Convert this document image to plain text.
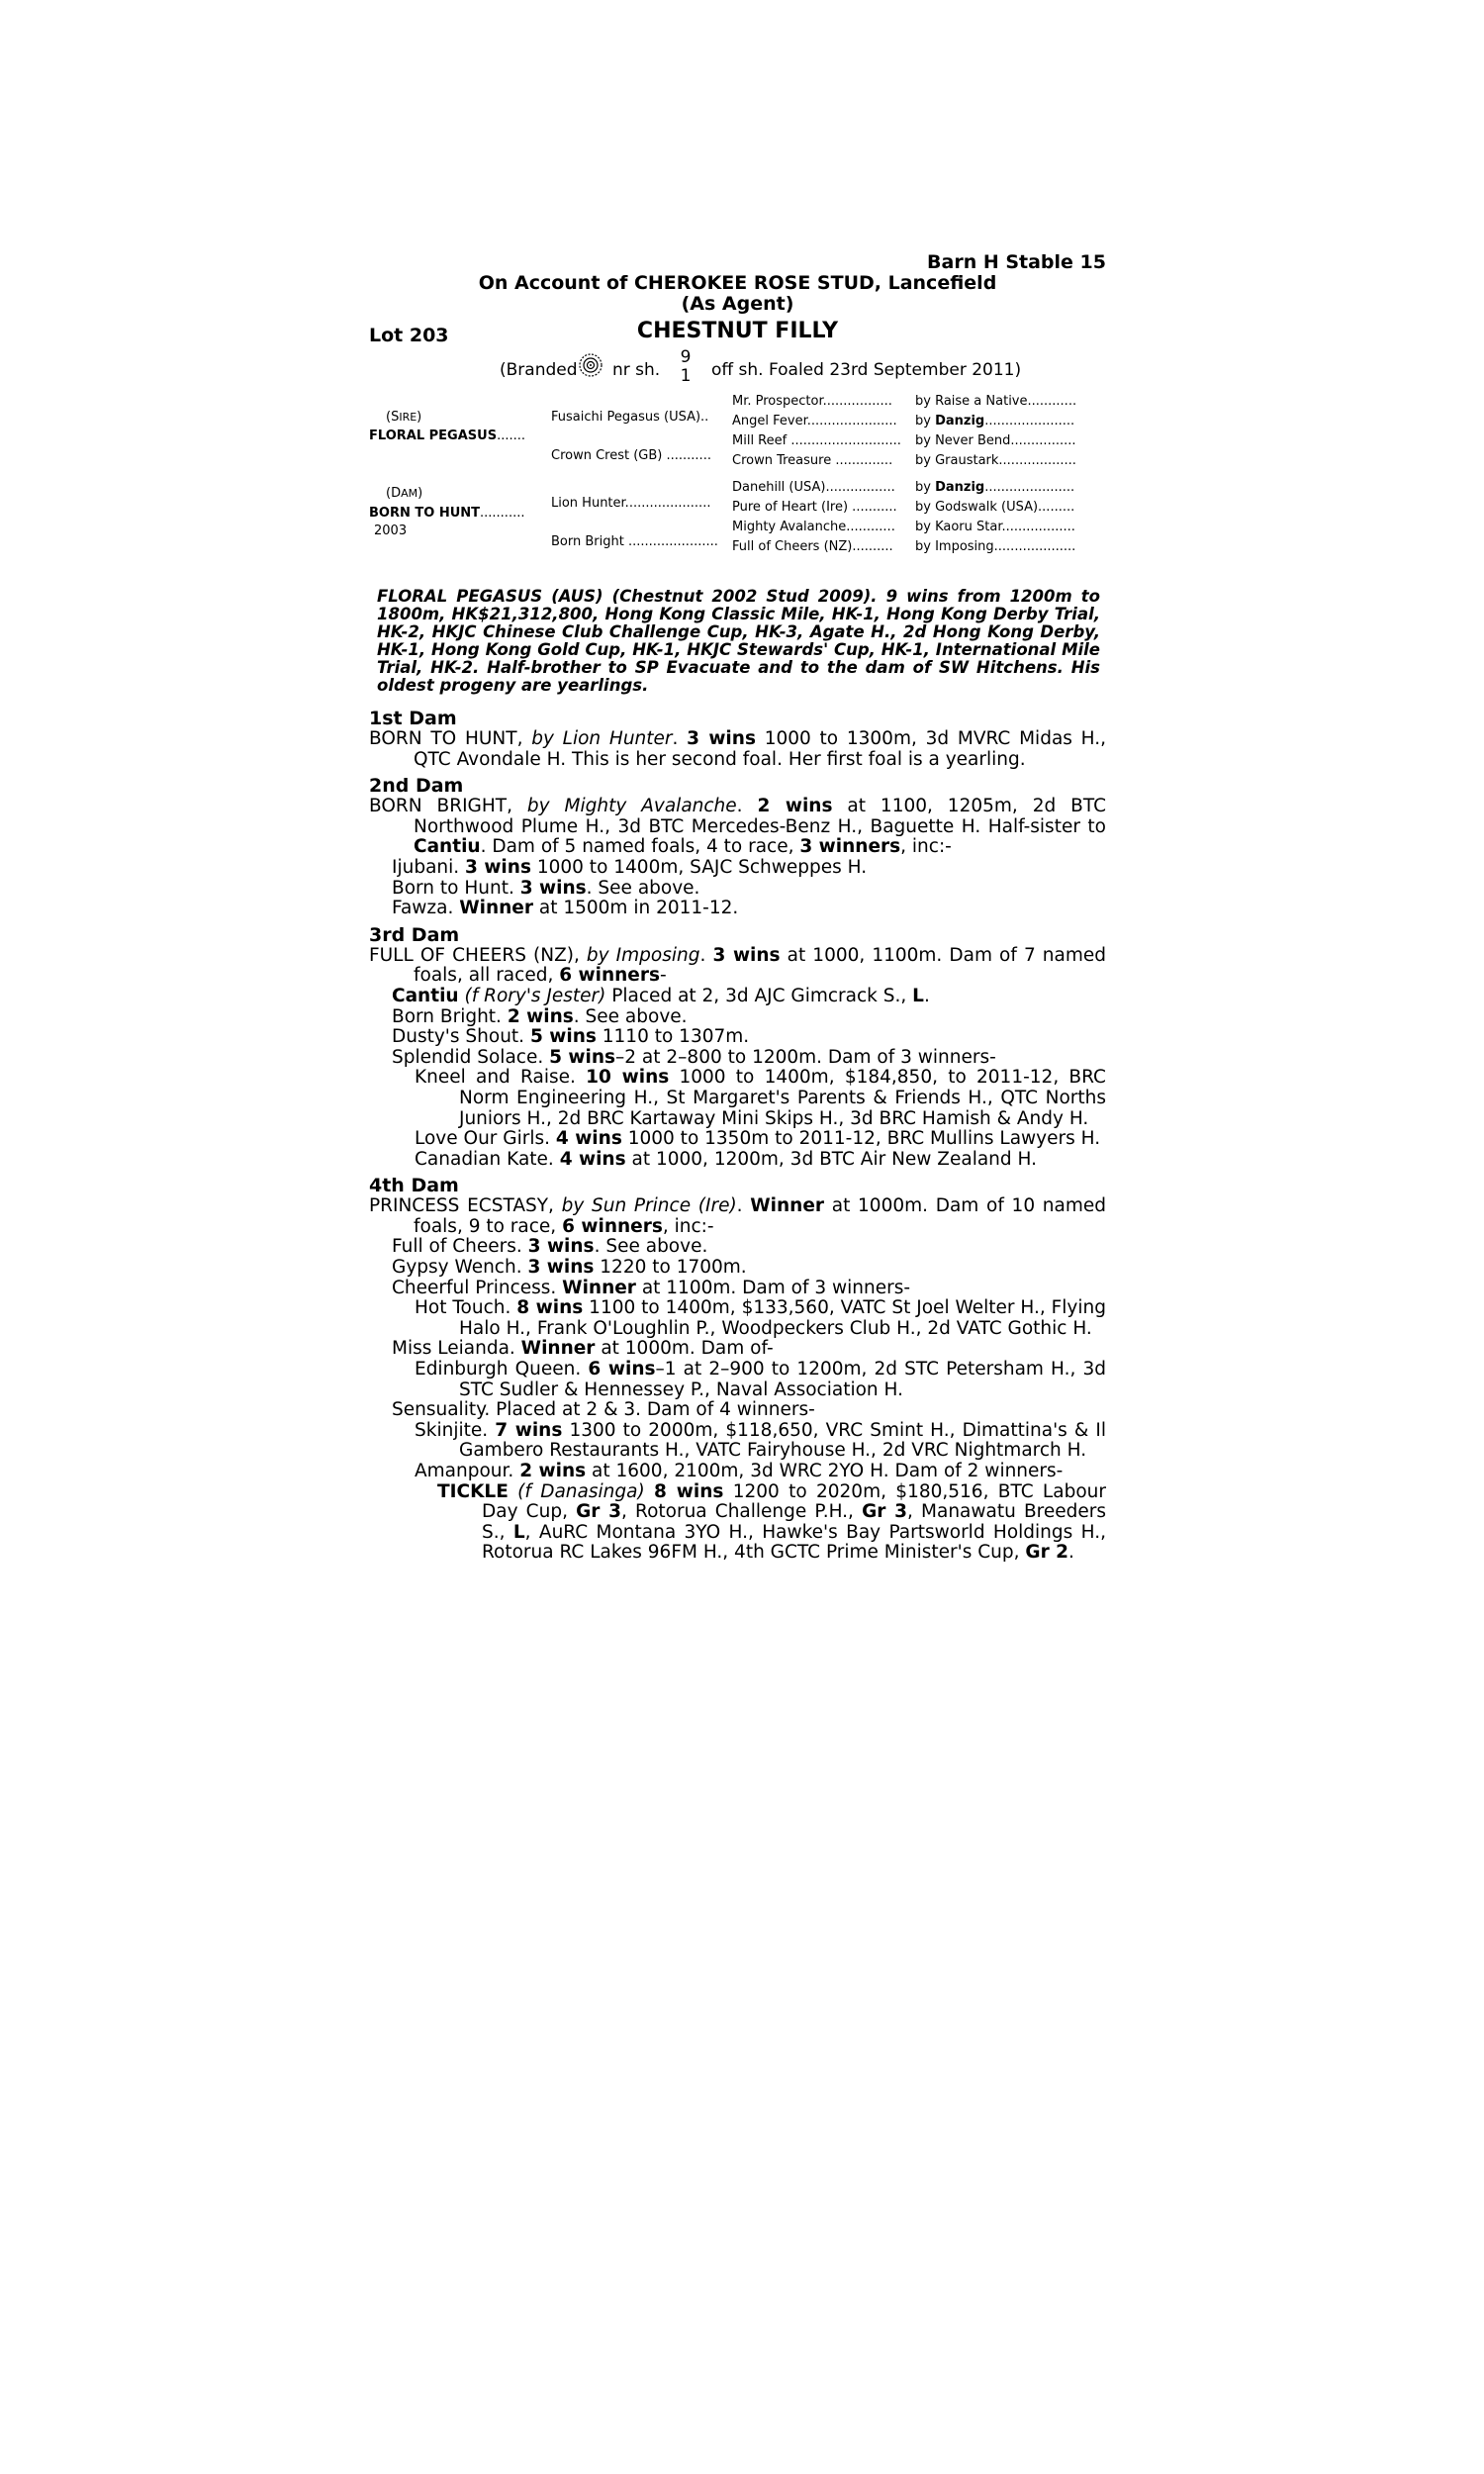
Barn H Stable 15
On Account of CHEROKEE ROSE STUD, Lancefield
(As Agent)
Lot 203	CHESTNUT FILLY
(Branded nr sh.
9
1 off sh. Foaled 23rd September 2011)
(SIRE)
FLORAL PEGASUS.......
(DAM)
BORN TO HUNT...........
2003
Fusaichi Pegasus (USA)..
Crown Crest (GB) ...........
Lion Hunter.....................
Born Bright ......................
Mr. Prospector.................
Angel Fever......................
Mill Reef ...........................
Crown Treasure ..............
Danehill (USA).................
Pure of Heart (Ire) ...........
Mighty Avalanche............
Full of Cheers (NZ)..........
by Raise a Native............
by Danzig......................
by Never Bend................
by Graustark...................
by Danzig......................
by Godswalk (USA).........
by Kaoru Star..................
by Imposing....................
FLORAL PEGASUS (AUS) (Chestnut 2002 Stud 2009). 9 wins from 1200m to 1800m, HK$21,312,800, Hong Kong Classic Mile, HK-1, Hong Kong Derby Trial, HK-2, HKJC Chinese Club Challenge Cup, HK-3, Agate H., 2d Hong Kong Derby, HK-1, Hong Kong Gold Cup, HK-1, HKJC Stewards' Cup, HK-1, International Mile Trial, HK-2. Half-brother to SP Evacuate and to the dam of SW Hitchens. His oldest progeny are yearlings.
1st Dam
BORN TO HUNT, by Lion Hunter. 3 wins 1000 to 1300m, 3d MVRC Midas H., QTC Avondale H. This is her second foal. Her first foal is a yearling.
2nd Dam
BORN BRIGHT, by Mighty Avalanche. 2 wins at 1100, 1205m, 2d BTC Northwood Plume H., 3d BTC Mercedes-Benz H., Baguette H. Half-sister to Cantiu. Dam of 5 named foals, 4 to race, 3 winners, inc:-
Ijubani. 3 wins 1000 to 1400m, SAJC Schweppes H.
Born to Hunt. 3 wins. See above.
Fawza. Winner at 1500m in 2011-12.
3rd Dam
FULL OF CHEERS (NZ), by Imposing. 3 wins at 1000, 1100m. Dam of 7 named foals, all raced, 6 winners-
Cantiu (f Rory's Jester) Placed at 2, 3d AJC Gimcrack S., L.
Born Bright. 2 wins. See above.
Dusty's Shout. 5 wins 1110 to 1307m.
Splendid Solace. 5 wins–2 at 2–800 to 1200m. Dam of 3 winners-
Kneel and Raise. 10 wins 1000 to 1400m, $184,850, to 2011-12, BRC Norm Engineering H., St Margaret's Parents & Friends H., QTC Norths Juniors H., 2d BRC Kartaway Mini Skips H., 3d BRC Hamish & Andy H.
Love Our Girls. 4 wins 1000 to 1350m to 2011-12, BRC Mullins Lawyers H.
Canadian Kate. 4 wins at 1000, 1200m, 3d BTC Air New Zealand H.
4th Dam
PRINCESS ECSTASY, by Sun Prince (Ire). Winner at 1000m. Dam of 10 named foals, 9 to race, 6 winners, inc:-
Full of Cheers. 3 wins. See above.
Gypsy Wench. 3 wins 1220 to 1700m.
Cheerful Princess. Winner at 1100m. Dam of 3 winners-
Hot Touch. 8 wins 1100 to 1400m, $133,560, VATC St Joel Welter H., Flying Halo H., Frank O'Loughlin P., Woodpeckers Club H., 2d VATC Gothic H.
Miss Leianda. Winner at 1000m. Dam of-
Edinburgh Queen. 6 wins–1 at 2–900 to 1200m, 2d STC Petersham H., 3d STC Sudler & Hennessey P., Naval Association H.
Sensuality. Placed at 2 & 3. Dam of 4 winners-
Skinjite. 7 wins 1300 to 2000m, $118,650, VRC Smint H., Dimattina's & Il Gambero Restaurants H., VATC Fairyhouse H., 2d VRC Nightmarch H.
Amanpour. 2 wins at 1600, 2100m, 3d WRC 2YO H. Dam of 2 winners-
TICKLE (f Danasinga) 8 wins 1200 to 2020m, $180,516, BTC Labour Day Cup, Gr 3, Rotorua Challenge P.H., Gr 3, Manawatu Breeders S., L, AuRC Montana 3YO H., Hawke's Bay Partsworld Holdings H., Rotorua RC Lakes 96FM H., 4th GCTC Prime Minister's Cup, Gr 2.
